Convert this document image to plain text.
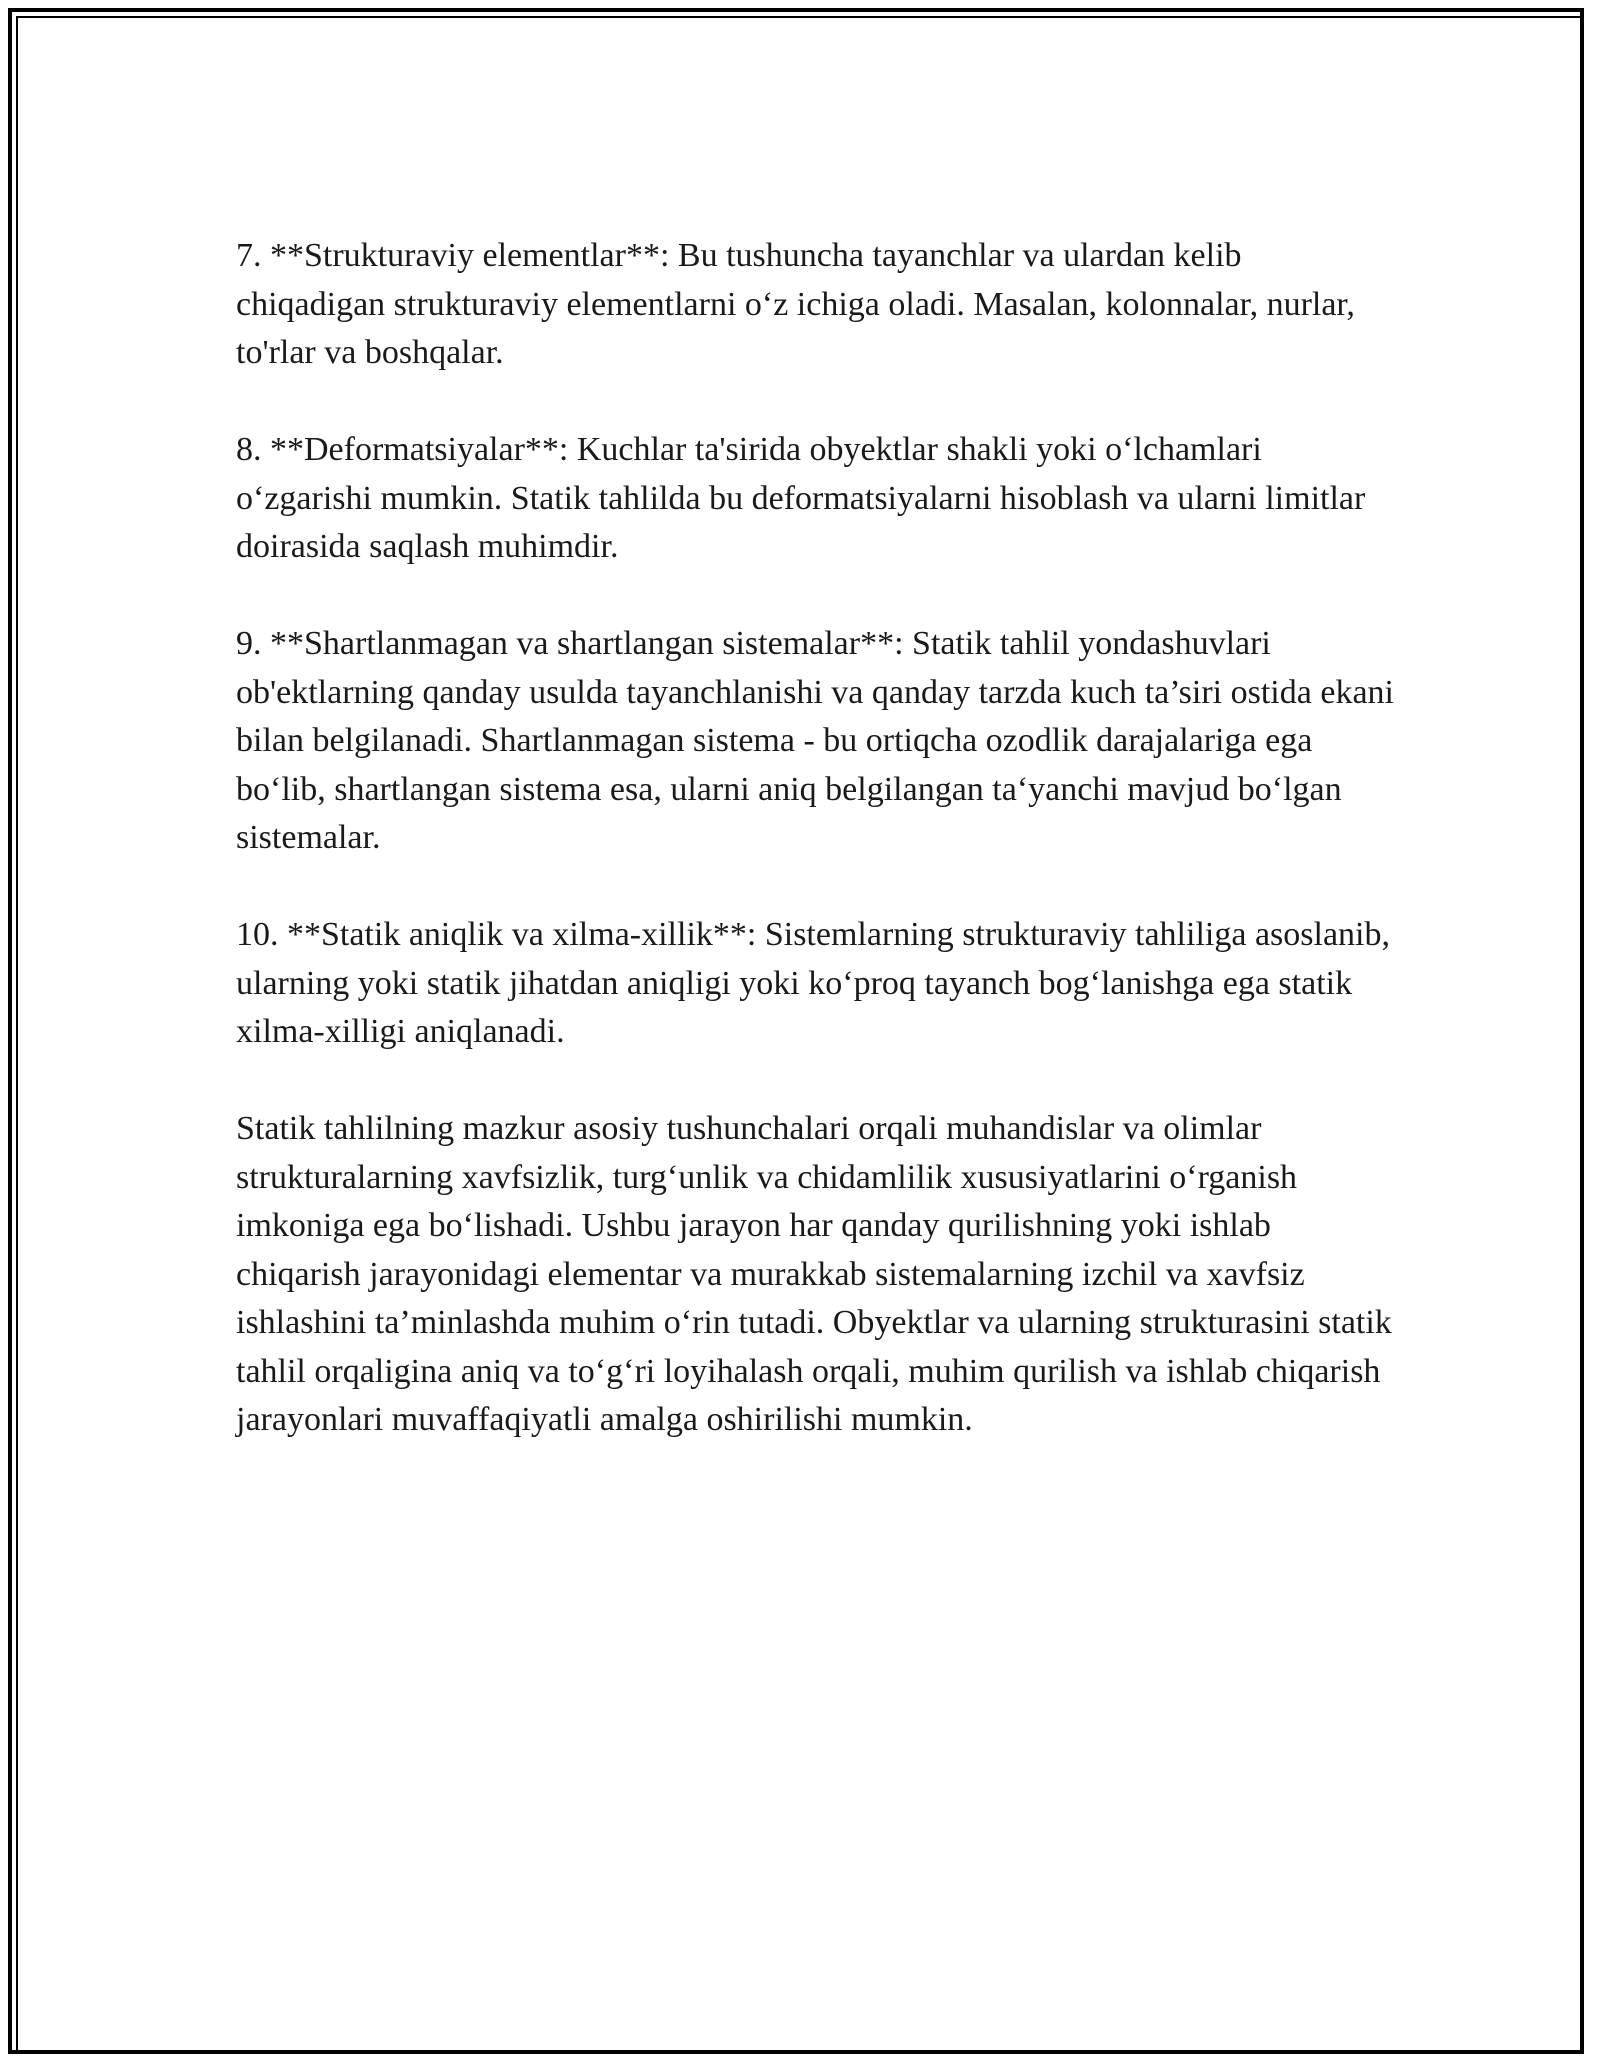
7. **Strukturaviy elementlar**: Bu tushuncha tayanchlar va ulardan kelib chiqadigan strukturaviy elementlarni o‘z ichiga oladi. Masalan, kolonnalar, nurlar, to'rlar va boshqalar.

8. **Deformatsiyalar**: Kuchlar ta'sirida obyektlar shakli yoki o‘lchamlari o‘zgarishi mumkin. Statik tahlilda bu deformatsiyalarni hisoblash va ularni limitlar doirasida saqlash muhimdir.

9. **Shartlanmagan va shartlangan sistemalar**: Statik tahlil yondashuvlari ob'ektlarning qanday usulda tayanchlanishi va qanday tarzda kuch ta’siri ostida ekani bilan belgilanadi. Shartlanmagan sistema - bu ortiqcha ozodlik darajalariga ega bo‘lib, shartlangan sistema esa, ularni aniq belgilangan ta‘yanchi mavjud bo‘lgan sistemalar.

10. **Statik aniqlik va xilma-xillik**: Sistemlarning strukturaviy tahliliga asoslanib, ularning yoki statik jihatdan aniqligi yoki ko‘proq tayanch bog‘lanishga ega statik xilma-xilligi aniqlanadi.

Statik tahlilning mazkur asosiy tushunchalari orqali muhandislar va olimlar strukturalarning xavfsizlik, turg‘unlik va chidamlilik xususiyatlarini o‘rganish imkoniga ega bo‘lishadi. Ushbu jarayon har qanday qurilishning yoki ishlab chiqarish jarayonidagi elementar va murakkab sistemalarning izchil va xavfsiz ishlashini ta’minlashda muhim o‘rin tutadi. Obyektlar va ularning strukturasini statik tahlil orqaligina aniq va to‘g‘ri loyihalash orqali, muhim qurilish va ishlab chiqarish jarayonlari muvaffaqiyatli amalga oshirilishi mumkin.
